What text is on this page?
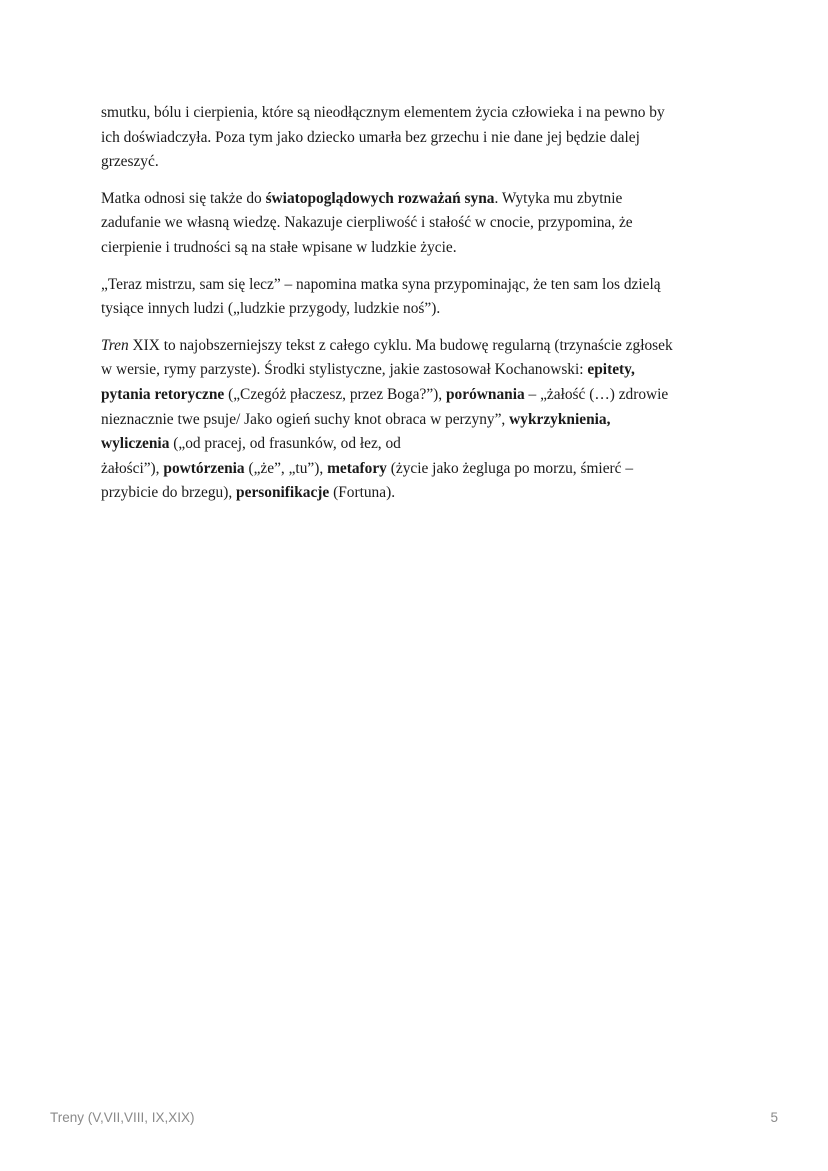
smutku, bólu i cierpienia, które są nieodłącznym elementem życia człowieka i na pewno by
ich doświadczyła. Poza tym jako dziecko umarła bez grzechu i nie dane jej będzie dalej
grzeszyć.

Matka odnosi się także do światopoglądowych rozważań syna. Wytyka mu zbytnie
zadufanie we własną wiedzę. Nakazuje cierpliwość i stałość w cnocie, przypomina, że
cierpienie i trudności są na stałe wpisane w ludzkie życie.

„Teraz mistrzu, sam się lecz” – napomina matka syna przypominając, że ten sam los dzielą
tysiące innych ludzi („ludzkie przygody, ludzkie noś”).

Tren XIX to najobszerniejszy tekst z całego cyklu. Ma budowę regularną (trzynaście zgłosek
w wersie, rymy parzyste). Środki stylistyczne, jakie zastosował Kochanowski: epitety,
pytania retoryczne („Czegóż płaczesz, przez Boga?”), porównania – „żałość (…) zdrowie
nieznacznie twe psuje/ Jako ogień suchy knot obraca w perzyny”, wykrzyknienia,
wyliczenia („od pracej, od frasunków, od łez, od
żałości”), powtórzenia („że”, „tu”), metafory (życie jako żegluga po morzu, śmierć –
przybicie do brzegu), personifikacje (Fortuna).

Treny (V,VII,VIII, IX,XIX)	5
